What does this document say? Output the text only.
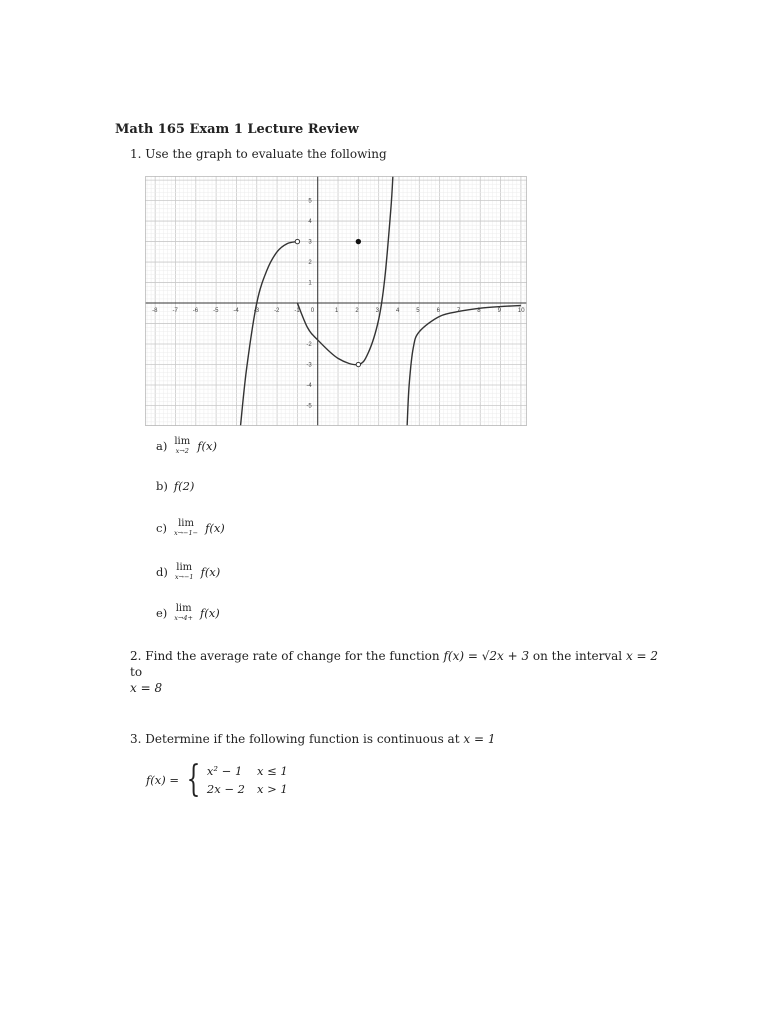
Math 165 Exam 1 Lecture Review
1. Use the graph to evaluate the following
-8 -7 -6 -5 -4 -3 -2 -1 0	1	2	3	4	5	6	7	8	9	10
5
4
3
2
1
-2
-3
-4
-5
a) lim
x→2 f(x)
b) f(2)
c) lim
x→−1− f(x)
d) lim
x→−1 f(x)
e) lim
x→4+ f(x)
2. Find the average rate of change for the function f(x) = √2x + 3 on the interval x = 2 to
x = 8
3. Determine if the following function is continuous at x = 1
f(x) = { x² − 1 x ≤ 1
2x − 2 x > 1
